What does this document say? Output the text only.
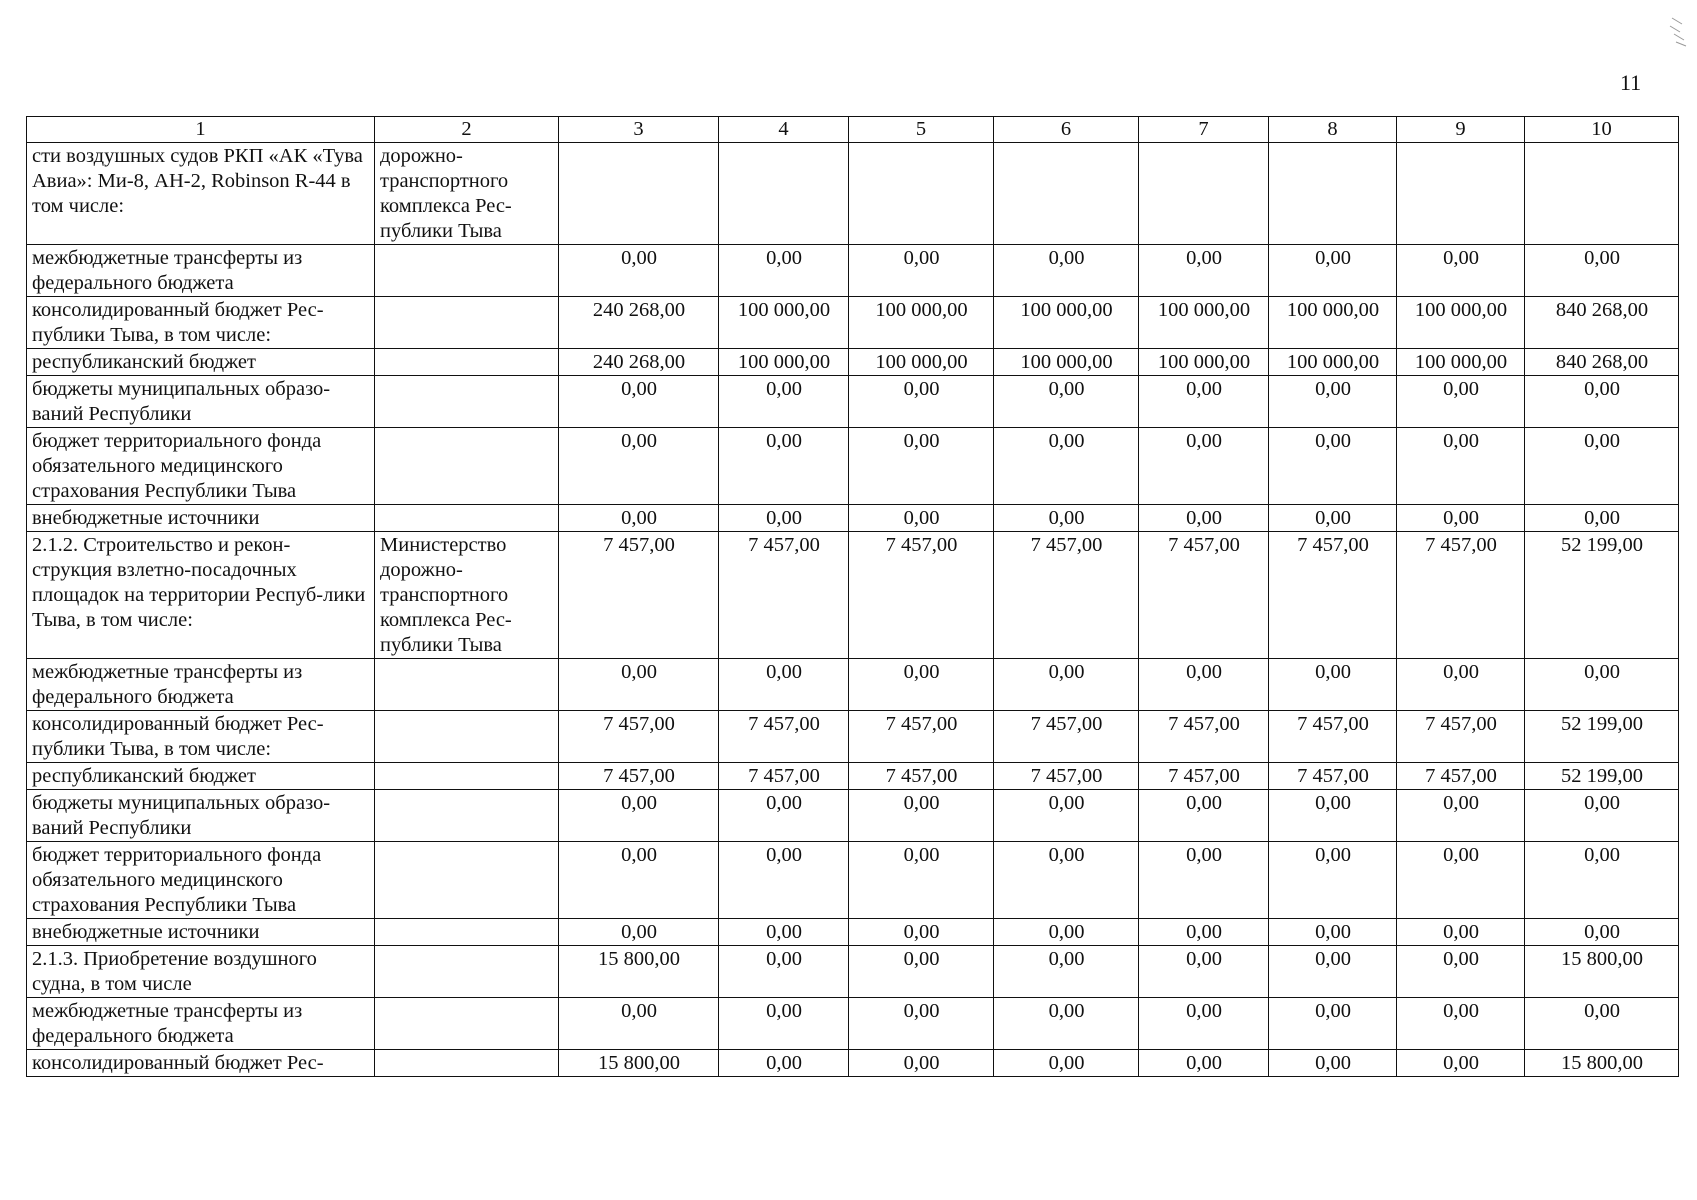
11
1	2	3	4	5	6	7	8	9	10
сти воздушных судов РКП «АК «Тува Авиа»: Ми-8, АН-2, Robinson R-44 в том числе:	дорожно-транспортного комплекса Рес-публики Тыва								
межбюджетные трансферты из федерального бюджета		0,00	0,00	0,00	0,00	0,00	0,00	0,00	0,00
консолидированный бюджет Рес-публики Тыва, в том числе:		240 268,00	100 000,00	100 000,00	100 000,00	100 000,00	100 000,00	100 000,00	840 268,00
республиканский бюджет		240 268,00	100 000,00	100 000,00	100 000,00	100 000,00	100 000,00	100 000,00	840 268,00
бюджеты муниципальных образо-ваний Республики		0,00	0,00	0,00	0,00	0,00	0,00	0,00	0,00
бюджет территориального фонда обязательного медицинского страхования Республики Тыва		0,00	0,00	0,00	0,00	0,00	0,00	0,00	0,00
внебюджетные источники		0,00	0,00	0,00	0,00	0,00	0,00	0,00	0,00
2.1.2. Строительство и рекон-струкция взлетно-посадочных площадок на территории Респуб-лики Тыва, в том числе:	Министерство дорожно-транспортного комплекса Рес-публики Тыва	7 457,00	7 457,00	7 457,00	7 457,00	7 457,00	7 457,00	7 457,00	52 199,00
межбюджетные трансферты из федерального бюджета		0,00	0,00	0,00	0,00	0,00	0,00	0,00	0,00
консолидированный бюджет Рес-публики Тыва, в том числе:		7 457,00	7 457,00	7 457,00	7 457,00	7 457,00	7 457,00	7 457,00	52 199,00
республиканский бюджет		7 457,00	7 457,00	7 457,00	7 457,00	7 457,00	7 457,00	7 457,00	52 199,00
бюджеты муниципальных образо-ваний Республики		0,00	0,00	0,00	0,00	0,00	0,00	0,00	0,00
бюджет территориального фонда обязательного медицинского страхования Республики Тыва		0,00	0,00	0,00	0,00	0,00	0,00	0,00	0,00
внебюджетные источники		0,00	0,00	0,00	0,00	0,00	0,00	0,00	0,00
2.1.3. Приобретение воздушного судна, в том числе		15 800,00	0,00	0,00	0,00	0,00	0,00	0,00	15 800,00
межбюджетные трансферты из федерального бюджета		0,00	0,00	0,00	0,00	0,00	0,00	0,00	0,00
консолидированный бюджет Рес-		15 800,00	0,00	0,00	0,00	0,00	0,00	0,00	15 800,00
